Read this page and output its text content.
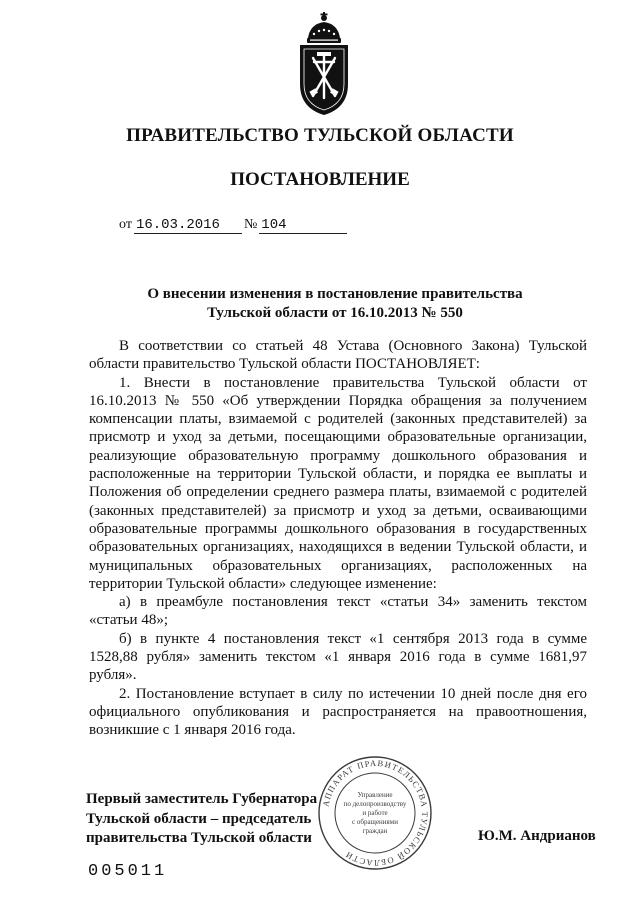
ПРАВИТЕЛЬСТВО ТУЛЬСКОЙ ОБЛАСТИ
ПОСТАНОВЛЕНИЕ
от 16.03.2016 № 104
О внесении изменения в постановление правительства
Тульской области от 16.10.2013 № 550

В соответствии со статьей 48 Устава (Основного Закона) Тульской области правительство Тульской области ПОСТАНОВЛЯЕТ:

1. Внести в постановление правительства Тульской области от 16.10.2013 № 550 «Об утверждении Порядка обращения за получением компенсации платы, взимаемой с родителей (законных представителей) за присмотр и уход за детьми, посещающими образовательные организации, реализующие образовательную программу дошкольного образования и расположенные на территории Тульской области, и порядка ее выплаты и Положения об определении среднего размера платы, взимаемой с родителей (законных представителей) за присмотр и уход за детьми, осваивающими образовательные программы дошкольного образования в государственных образовательных организациях, находящихся в ведении Тульской области, и муниципальных образовательных организациях, расположенных на территории Тульской области» следующее изменение:

а) в преамбуле постановления текст «статьи 34» заменить текстом «статьи 48»;

б) в пункте 4 постановления текст «1 сентября 2013 года в сумме 1528,88 рубля» заменить текстом «1 января 2016 года в сумме 1681,97 рубля».

2. Постановление вступает в силу по истечении 10 дней после дня его официального опубликования и распространяется на правоотношения, возникшие с 1 января 2016 года.

Первый заместитель Губернатора
Тульской области – председатель
правительства Тульской области
АППАРАТ ПРАВИТЕЛЬСТВА ТУЛЬСКОЙ ОБЛАСТИ
Управление
по делопроизводству
и работе
с обращениями
граждан	Ю.М. Андрианов
005011
